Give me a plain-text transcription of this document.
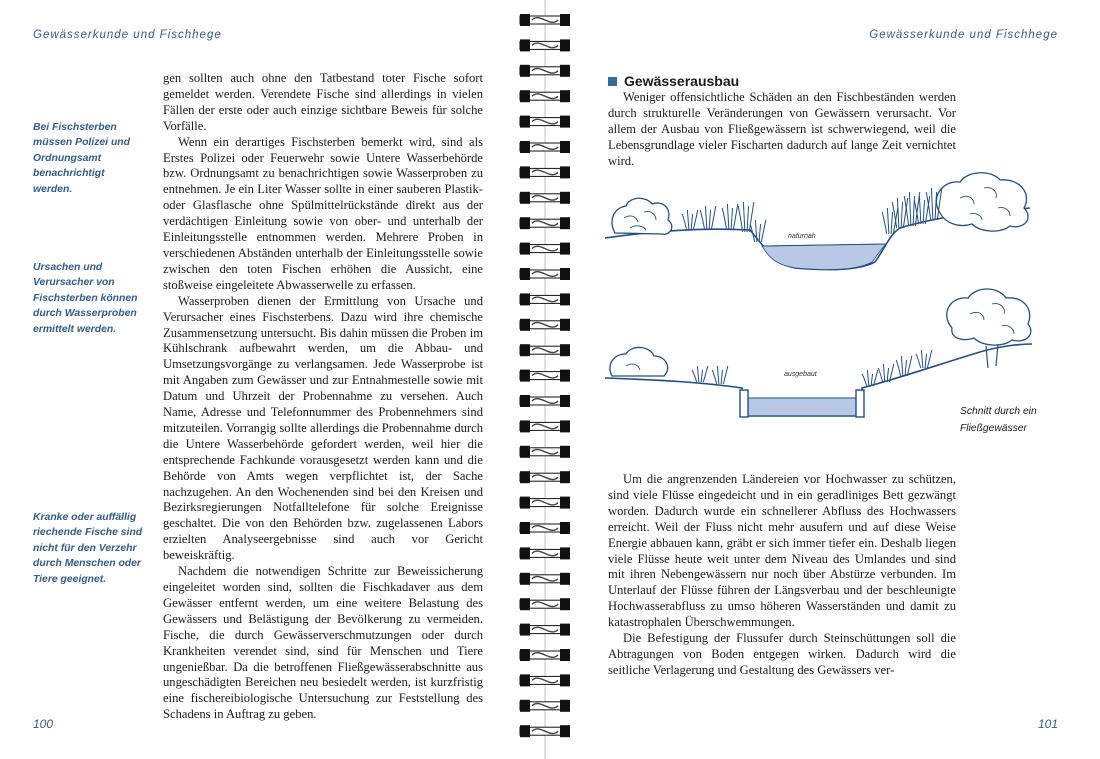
Gewässerkunde und Fischhege
Bei Fischsterben müssen Polizei und Ordnungsamt benachrichtigt werden.
Ursachen und Verursacher von Fischsterben können durch Wasserproben ermittelt werden.
Kranke oder auffällig riechende Fische sind nicht für den Verzehr durch Menschen oder Tiere geeignet.

gen sollten auch ohne den Tatbestand toter Fische sofort gemeldet werden. Verendete Fische sind allerdings in vielen Fällen der erste oder auch einzige sichtbare Beweis für solche Vorfälle.

Wenn ein derartiges Fischsterben bemerkt wird, sind als Erstes Polizei oder Feuerwehr sowie Untere Wasserbehörde bzw. Ordnungsamt zu benachrichtigen sowie Wasserproben zu entnehmen. Je ein Liter Wasser sollte in einer sauberen Plastik- oder Glasflasche ohne Spülmittelrückstände direkt aus der verdächtigen Einleitung sowie von ober- und unterhalb der Einleitungsstelle entnommen werden. Mehrere Proben in verschiedenen Abständen unterhalb der Einleitungsstelle sowie zwischen den toten Fischen erhöhen die Aussicht, eine stoßweise eingeleitete Abwasserwelle zu erfassen.

Wasserproben dienen der Ermittlung von Ursache und Verursacher eines Fischsterbens. Dazu wird ihre chemische Zusammensetzung untersucht. Bis dahin müssen die Proben im Kühlschrank aufbewahrt werden, um die Abbau- und Umsetzungsvorgänge zu verlangsamen. Jede Wasserprobe ist mit Angaben zum Gewässer und zur Entnahmestelle sowie mit Datum und Uhrzeit der Probennahme zu versehen. Auch Name, Adresse und Telefonnummer des Probennehmers sind mitzuteilen. Vorrangig sollte allerdings die Probennahme durch die Untere Wasserbehörde gefordert werden, weil hier die entsprechende Fachkunde vorausgesetzt werden kann und die Behörde von Amts wegen verpflichtet ist, der Sache nachzugehen. An den Wochenenden sind bei den Kreisen und Bezirksregierungen Notfalltelefone für solche Ereignisse geschaltet. Die von den Behörden bzw. zugelassenen Labors erzielten Analyseergebnisse sind auch vor Gericht beweiskräftig.

Nachdem die notwendigen Schritte zur Beweissicherung eingeleitet worden sind, sollten die Fischkadaver aus dem Gewässer entfernt werden, um eine weitere Belastung des Gewässers und Belästigung der Bevölkerung zu vermeiden. Fische, die durch Gewässerverschmutzungen oder durch Krankheiten verendet sind, sind für Menschen und Tiere ungenießbar. Da die betroffenen Fließgewässerabschnitte aus ungeschädigten Bereichen neu besiedelt werden, ist kurzfristig eine fischereibiologische Untersuchung zur Feststellung des Schadens in Auftrag zu geben.

100
Gewässerkunde und Fischhege
101
Gewässerausbau

Weniger offensichtliche Schäden an den Fischbeständen werden durch strukturelle Veränderungen von Gewässern verursacht. Vor allem der Ausbau von Fließgewässern ist schwerwiegend, weil die Lebensgrundlage vieler Fischarten dadurch auf lange Zeit vernichtet wird.

naturnah
ausgebaut
Schnitt durch ein Fließgewässer

Um die angrenzenden Ländereien vor Hochwasser zu schützen, sind viele Flüsse eingedeicht und in ein geradliniges Bett gezwängt worden. Dadurch wurde ein schnellerer Abfluss des Hochwassers erreicht. Weil der Fluss nicht mehr ausufern und auf diese Weise Energie abbauen kann, gräbt er sich immer tiefer ein. Deshalb liegen viele Flüsse heute weit unter dem Niveau des Umlandes und sind mit ihren Nebengewässern nur noch über Abstürze verbunden. Im Unterlauf der Flüsse führen der Längsverbau und der beschleunigte Hochwasserabfluss zu umso höheren Wasserständen und damit zu katastrophalen Überschwemmungen.

Die Befestigung der Flussufer durch Steinschüttungen soll die Abtragungen von Boden entgegen wirken. Dadurch wird die seitliche Verlagerung und Gestaltung des Gewässers ver-
